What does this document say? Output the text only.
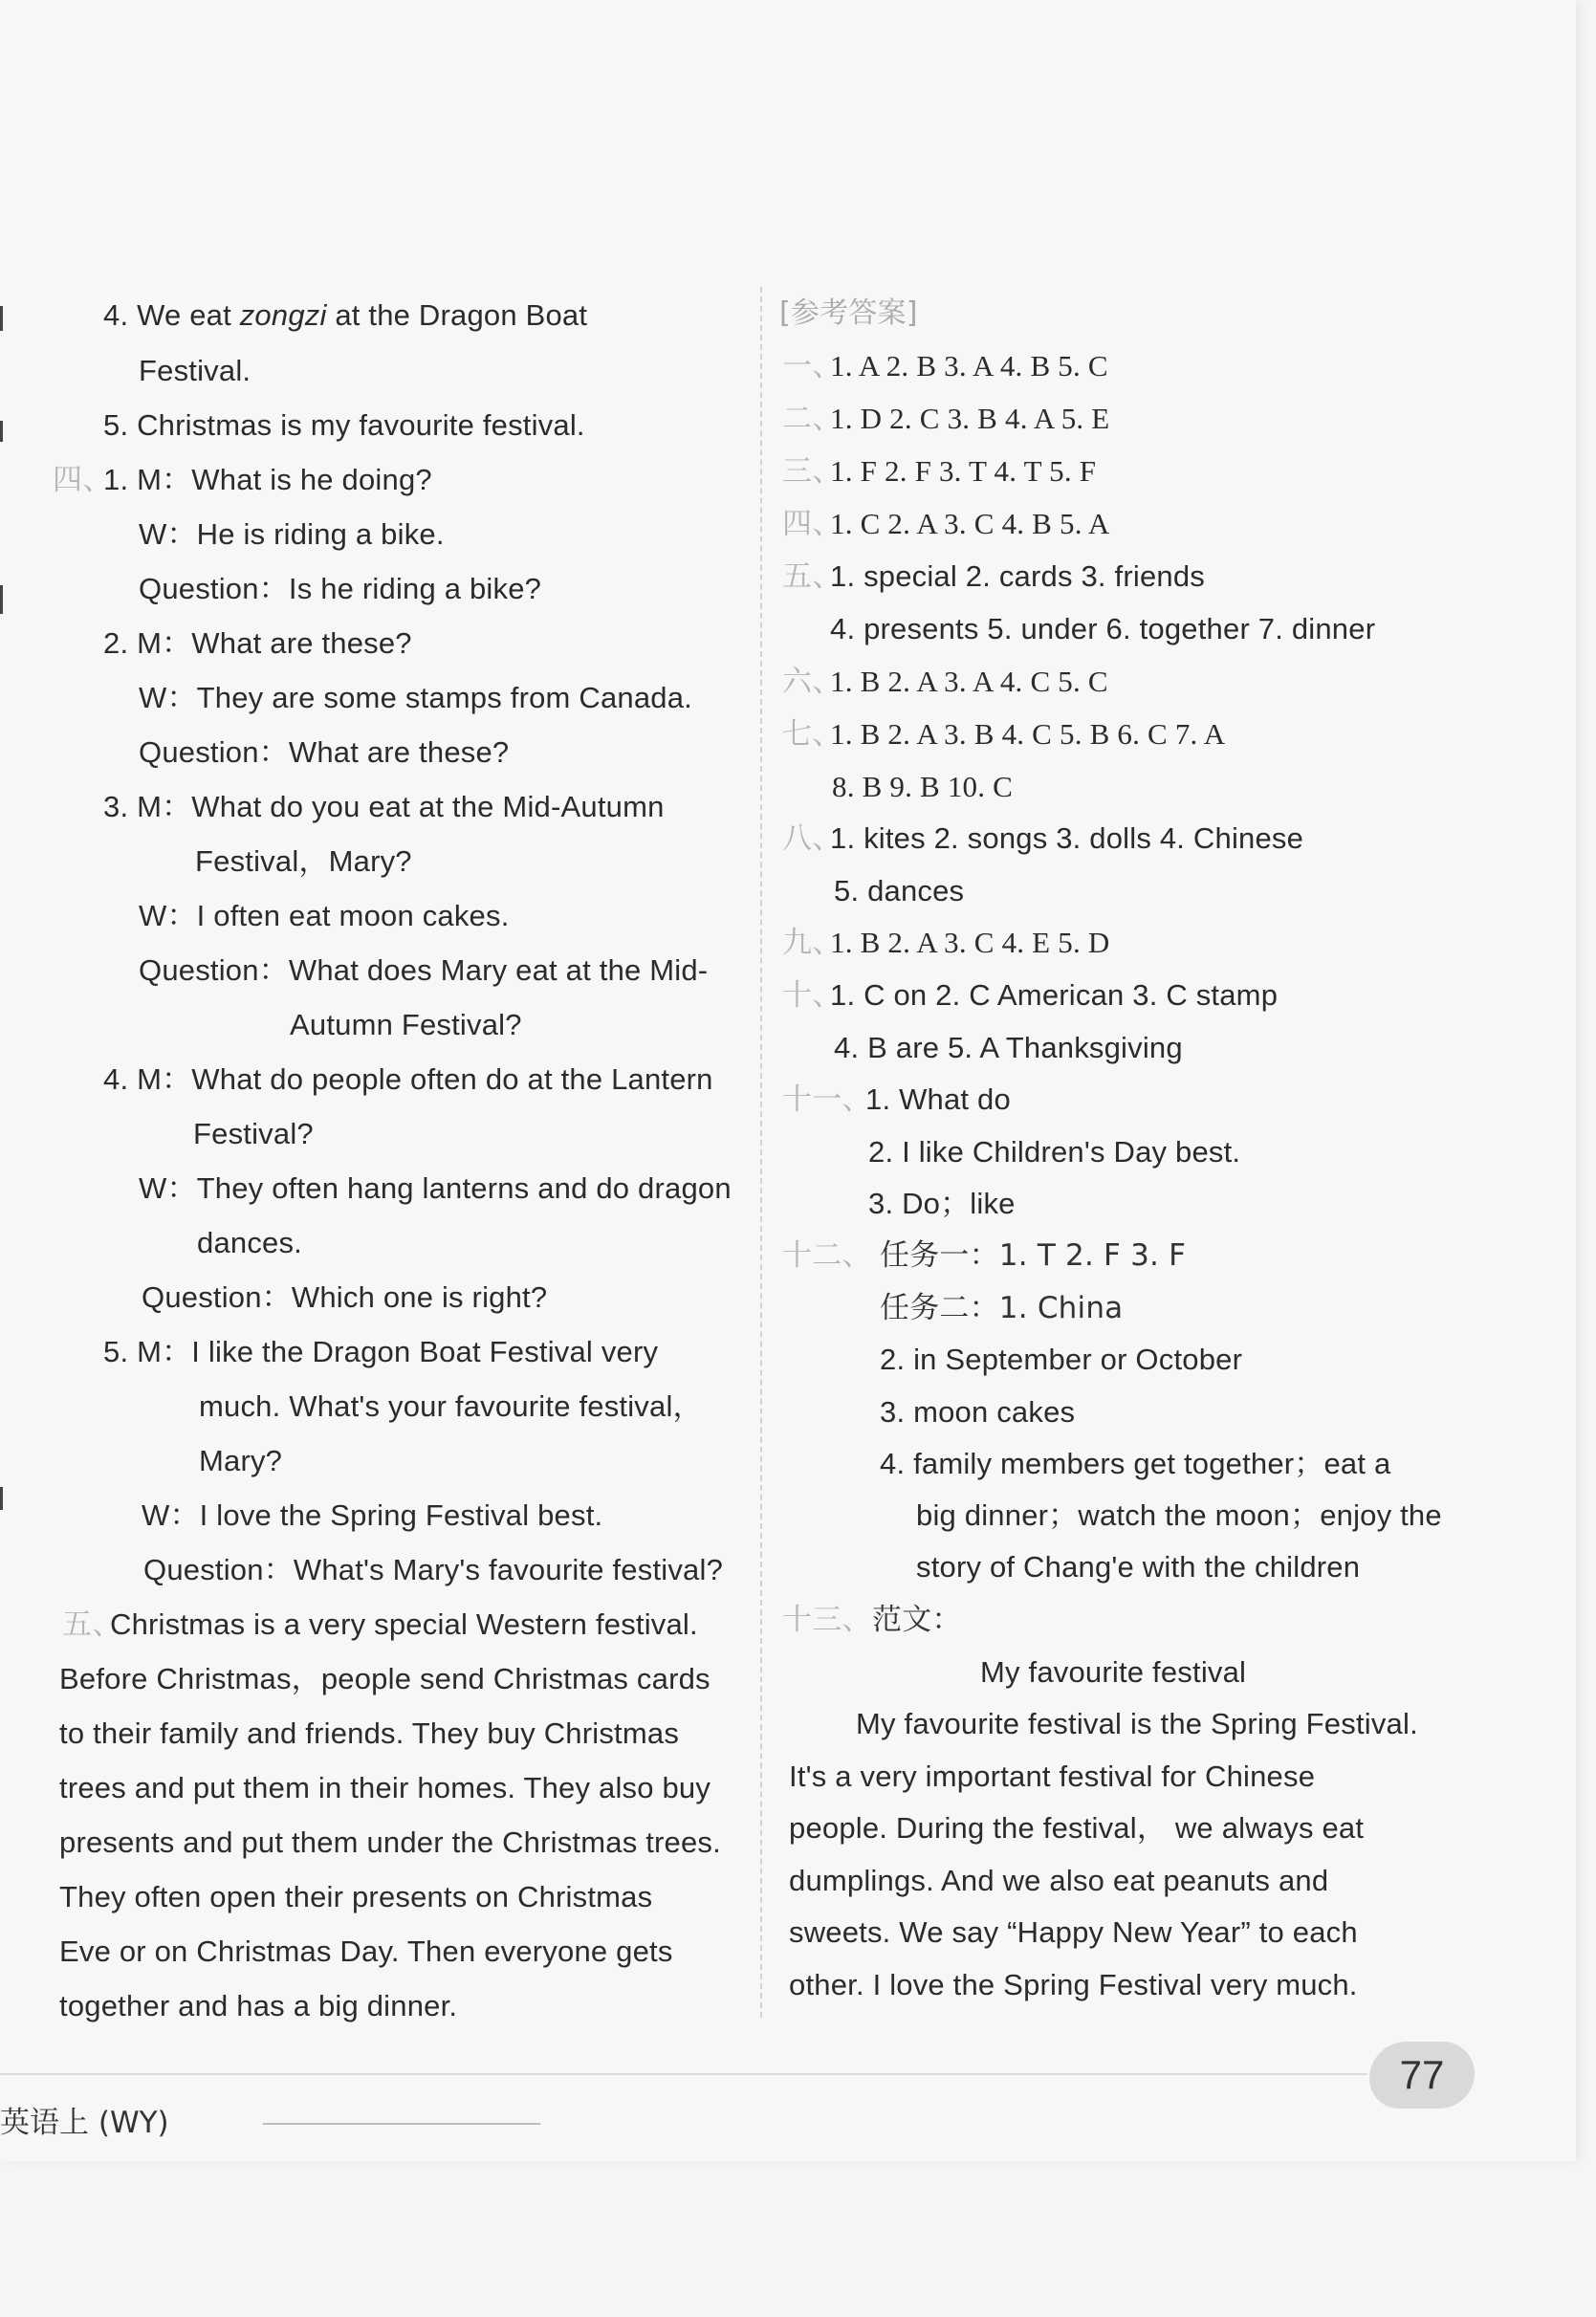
4. We eat zongzi at the Dragon Boat
Festival.
5. Christmas is my favourite festival.
四、
1. M：What is he doing?
W：He is riding a bike.
Question：Is he riding a bike?
2. M：What are these?
W：They are some stamps from Canada.
Question：What are these?
3. M：What do you eat at the Mid-Autumn
Festival，Mary?
W：I often eat moon cakes.
Question：What does Mary eat at the Mid-
Autumn Festival?
4. M：What do people often do at the Lantern
Festival?
W：They often hang lanterns and do dragon
dances.
Question：Which one is right?
5. M：I like the Dragon Boat Festival very
much. What's your favourite festival，
Mary?
W：I love the Spring Festival best.
Question：What's Mary's favourite festival?
五、
Christmas is a very special Western festival.
Before Christmas，people send Christmas cards
to their family and friends. They buy Christmas
trees and put them in their homes. They also buy
presents and put them under the Christmas trees.
They often open their presents on Christmas
Eve or on Christmas Day. Then everyone gets
together and has a big dinner.
[参考答案]
一、
1. A 2. B 3. A 4. B 5. C
二、
1. D 2. C 3. B 4. A 5. E
三、
1. F 2. F 3. T 4. T 5. F
四、
1. C 2. A 3. C 4. B 5. A
五、
1. special 2. cards 3. friends
4. presents 5. under 6. together 7. dinner
六、
1. B 2. A 3. A 4. C 5. C
七、
1. B 2. A 3. B 4. C 5. B 6. C 7. A
8. B 9. B 10. C
八、
1. kites 2. songs 3. dolls 4. Chinese
5. dances
九、
1. B 2. A 3. C 4. E 5. D
十、
1. C on 2. C American 3. C stamp
4. B are 5. A Thanksgiving
十一、
1. What do
2. I like Children's Day best.
3. Do；like
十二、 任务一：1. T 2. F 3. F
任务二：1. China
2. in September or October
3. moon cakes
4. family members get together；eat a
big dinner；watch the moon；enjoy the
story of Chang'e with the children
十三、 范文：
My favourite festival
My favourite festival is the Spring Festival.
It's a very important festival for Chinese
people. During the festival， we always eat
dumplings. And we also eat peanuts and
sweets. We say “Happy New Year” to each
other. I love the Spring Festival very much.
英语上 (WY)
77
